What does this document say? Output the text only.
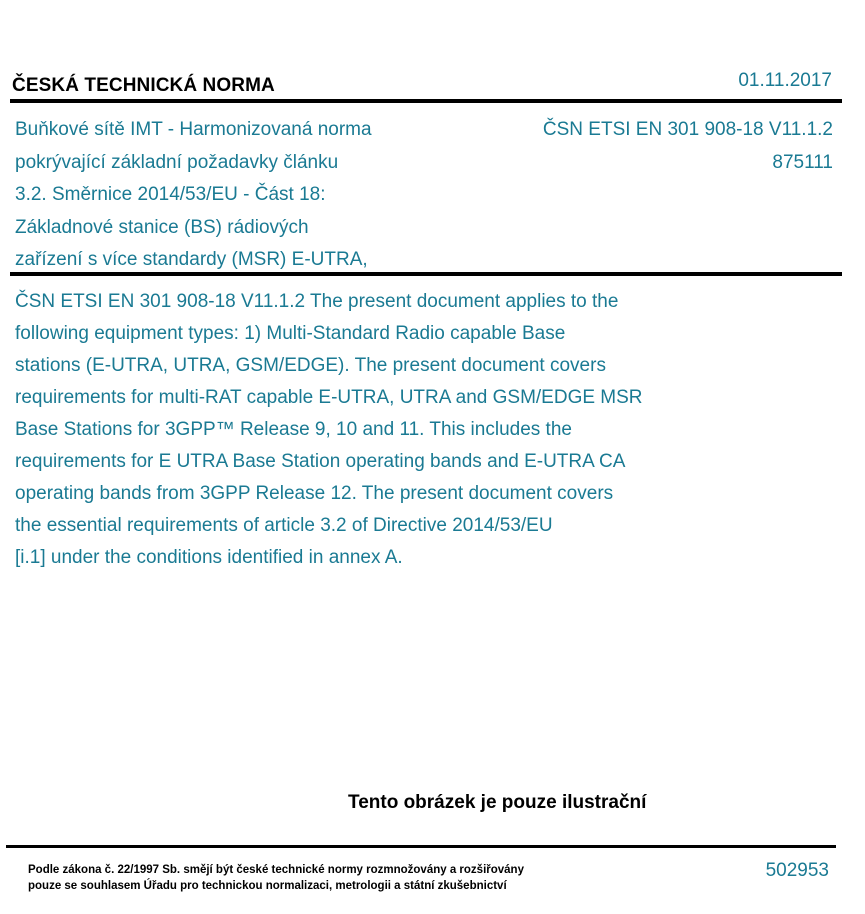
ČESKÁ TECHNICKÁ NORMA	01.11.2017
Buňkové sítě IMT - Harmonizovaná norma
pokrývající základní požadavky článku
3.2. Směrnice 2014/53/EU - Část 18:
Základnové stanice (BS) rádiových
zařízení s více standardy (MSR) E-UTRA,
ČSN ETSI EN 301 908-18 V11.1.2
875111
ČSN ETSI EN 301 908-18 V11.1.2 The present document applies to the
following equipment types: 1) Multi-Standard Radio capable Base
stations (E-UTRA, UTRA, GSM/EDGE). The present document covers
requirements for multi-RAT capable E-UTRA, UTRA and GSM/EDGE MSR
Base Stations for 3GPP™ Release 9, 10 and 11. This includes the
requirements for E UTRA Base Station operating bands and E-UTRA CA
operating bands from 3GPP Release 12. The present document covers
the essential requirements of article 3.2 of Directive 2014/53/EU
[i.1] under the conditions identified in annex A.
Tento obrázek je pouze ilustrační
Podle zákona č. 22/1997 Sb. smějí být české technické normy rozmnožovány a rozšiřovány
pouze se souhlasem Úřadu pro technickou normalizaci, metrologii a státní zkušebnictví
502953
